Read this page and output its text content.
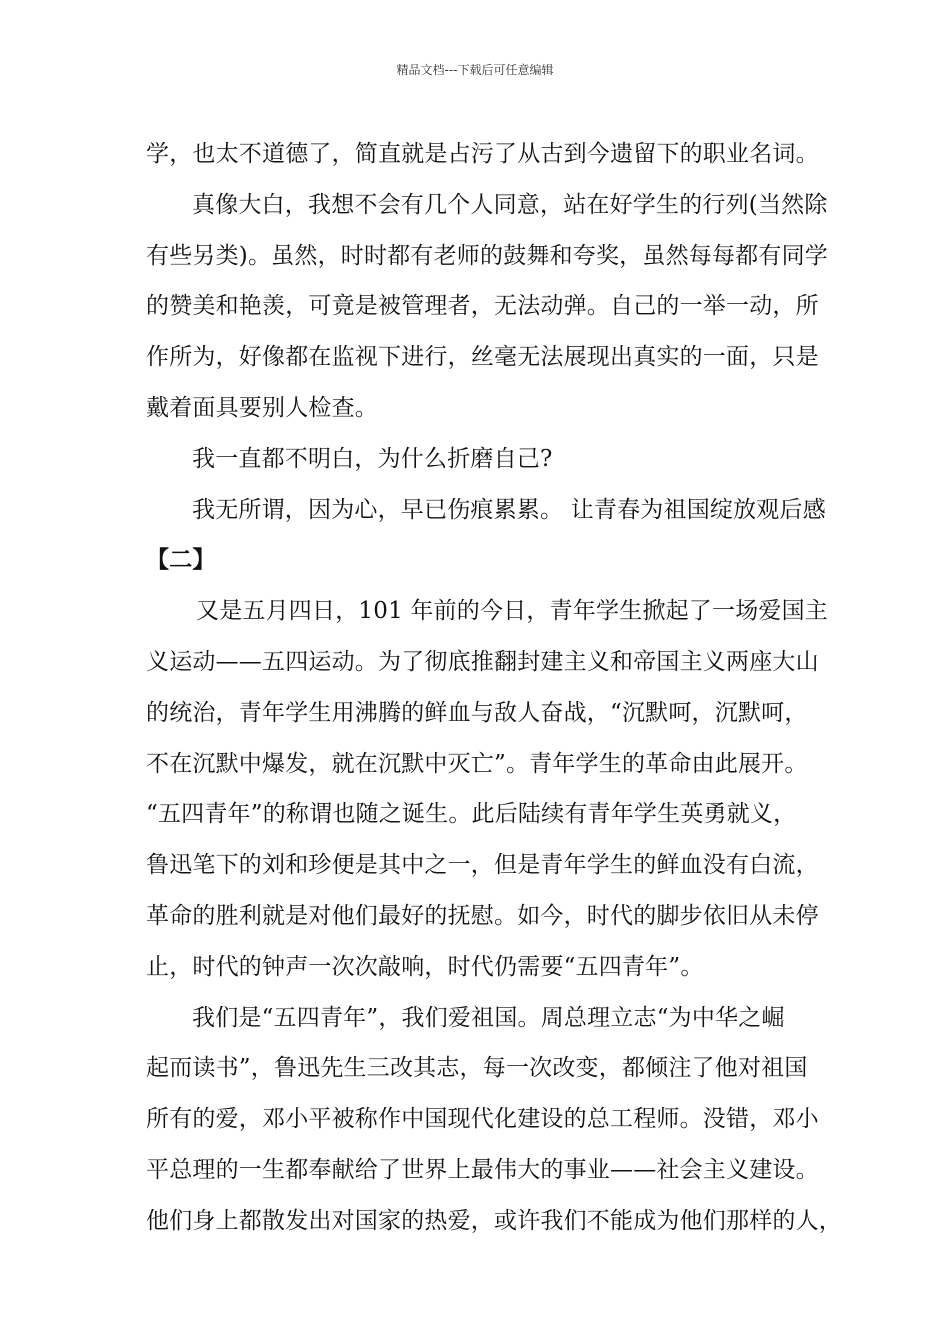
精品文档---下载后可任意编辑
学，也太不道德了，简直就是占污了从古到今遗留下的职业名词。
真像大白，我想不会有几个人同意，站在好学生的行列(当然除
有些另类)。虽然，时时都有老师的鼓舞和夸奖，虽然每每都有同学
的赞美和艳羡，可竟是被管理者，无法动弹。自己的一举一动，所
作所为，好像都在监视下进行，丝毫无法展现出真实的一面，只是
戴着面具要别人检查。
我一直都不明白，为什么折磨自己?
我无所谓，因为心，早已伤痕累累。 让青春为祖国绽放观后感
【二】
又是五月四日，101 年前的今日，青年学生掀起了一场爱国主
义运动——五四运动。为了彻底推翻封建主义和帝国主义两座大山
的统治，青年学生用沸腾的鲜血与敌人奋战，“沉默呵，沉默呵，
不在沉默中爆发，就在沉默中灭亡”。青年学生的革命由此展开。
“五四青年”的称谓也随之诞生。此后陆续有青年学生英勇就义，
鲁迅笔下的刘和珍便是其中之一，但是青年学生的鲜血没有白流，
革命的胜利就是对他们最好的抚慰。如今，时代的脚步依旧从未停
止，时代的钟声一次次敲响，时代仍需要“五四青年”。
我们是“五四青年”，我们爱祖国。周总理立志“为中华之崛
起而读书”，鲁迅先生三改其志，每一次改变，都倾注了他对祖国
所有的爱，邓小平被称作中国现代化建设的总工程师。没错，邓小
平总理的一生都奉献给了世界上最伟大的事业——社会主义建设。
他们身上都散发出对国家的热爱，或许我们不能成为他们那样的人，
